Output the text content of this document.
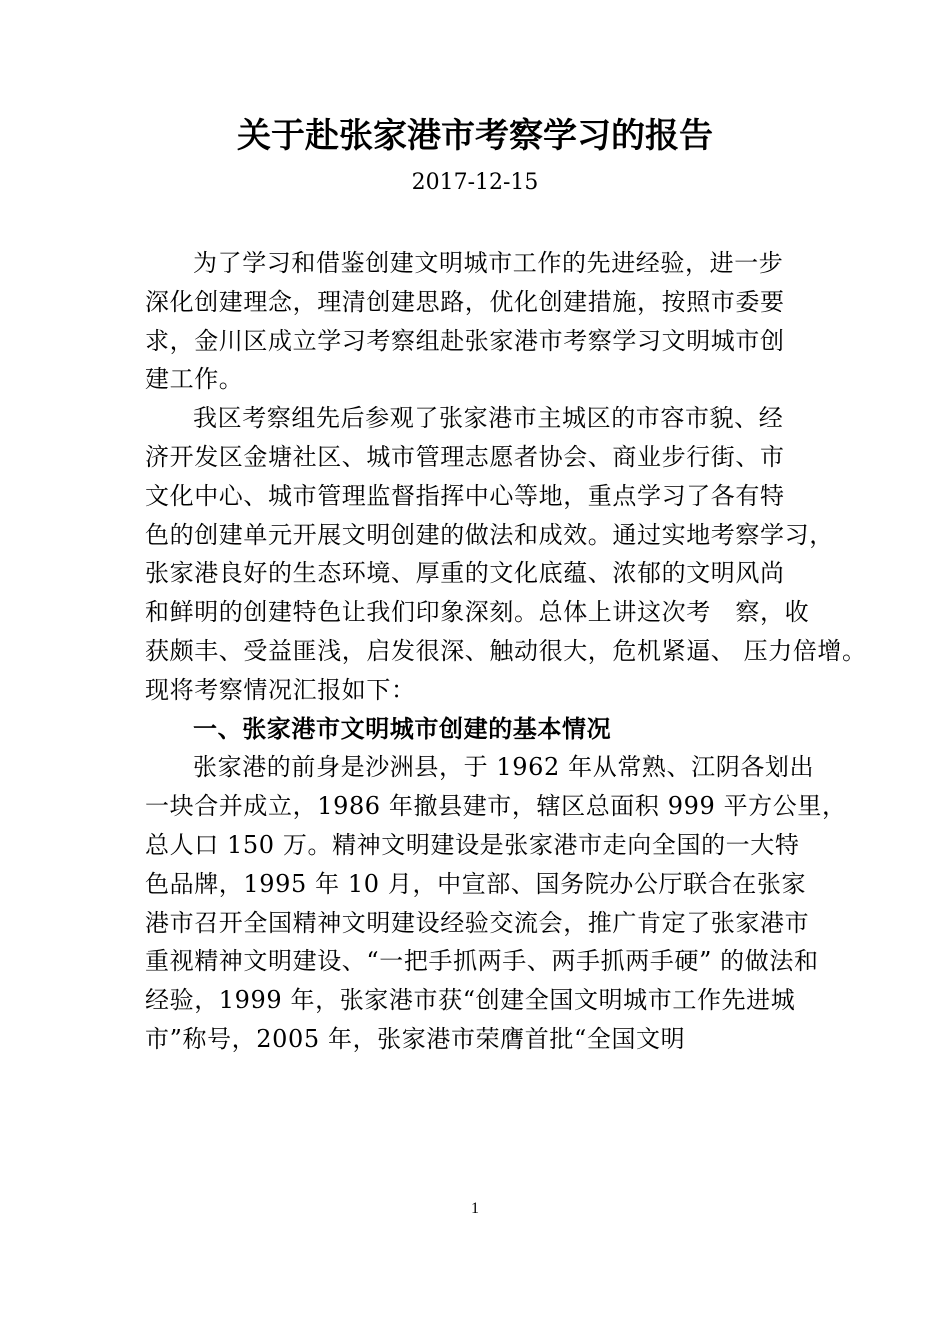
关于赴张家港市考察学习的报告
2017-12-15
为了学习和借鉴创建文明城市工作的先进经验，进一步
深化创建理念，理清创建思路，优化创建措施，按照市委要
求，金川区成立学习考察组赴张家港市考察学习文明城市创
建工作。
我区考察组先后参观了张家港市主城区的市容市貌、经
济开发区金塘社区、城市管理志愿者协会、商业步行街、市
文化中心、城市管理监督指挥中心等地，重点学习了各有特
色的创建单元开展文明创建的做法和成效。通过实地考察学习，
张家港良好的生态环境、厚重的文化底蕴、浓郁的文明风尚
和鲜明的创建特色让我们印象深刻。总体上讲这次考　察，收
获颇丰、受益匪浅，启发很深、触动很大，危机紧逼、 压力倍增。
现将考察情况汇报如下：
一、张家港市文明城市创建的基本情况
张家港的前身是沙洲县，于 1962 年从常熟、江阴各划出
一块合并成立，1986 年撤县建市，辖区总面积 999 平方公里，
总人口 150 万。精神文明建设是张家港市走向全国的一大特
色品牌，1995 年 10 月，中宣部、国务院办公厅联合在张家
港市召开全国精神文明建设经验交流会，推广肯定了张家港市
重视精神文明建设、“一把手抓两手、两手抓两手硬” 的做法和
经验，1999 年，张家港市获“创建全国文明城市工作先进城
市”称号，2005 年，张家港市荣膺首批“全国文明
1
